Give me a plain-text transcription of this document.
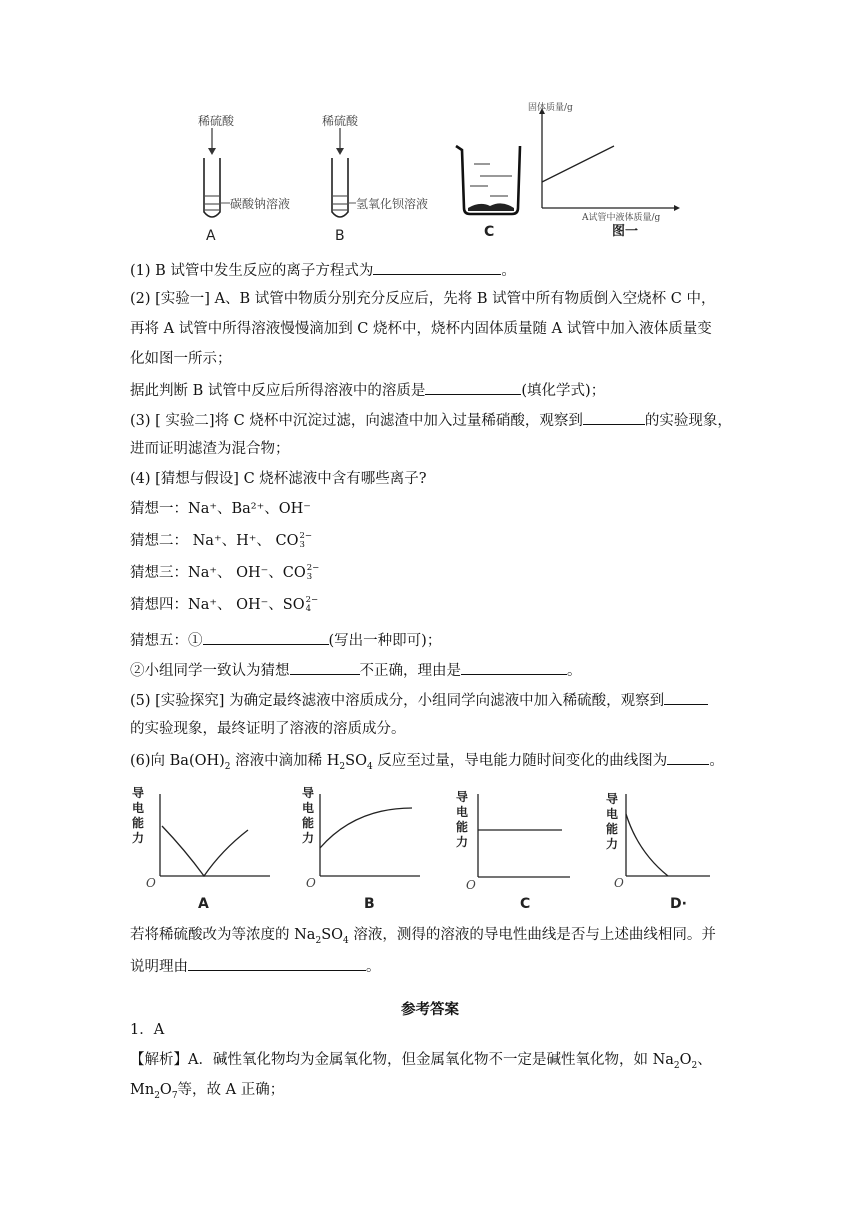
稀硫酸
碳酸钠溶液
A
稀硫酸
氢氧化钡溶液
B	C
固体质量/g
A试管中液体质量/g
图一
(1) B 试管中发生反应的离子方程式为	。
(2) [实验一] A、B 试管中物质分别充分反应后，先将 B 试管中所有物质倒入空烧杯 C 中，
再将 A 试管中所得溶液慢慢滴加到 C 烧杯中，烧杯内固体质量随 A 试管中加入液体质量变
化如图一所示；
据此判断 B 试管中反应后所得溶液中的溶质是	(填化学式)；
(3) [ 实验二]将 C 烧杯中沉淀过滤，向滤渣中加入过量稀硝酸，观察到	的实验现象，
进而证明滤渣为混合物；
(4) [猜想与假设] C 烧杯滤液中含有哪些离子?
猜想一：Na⁺、Ba²⁺、OH⁻
猜想二： Na⁺、H⁺、 CO 2−
3
猜想三：Na⁺、 OH⁻、CO 2−
3
猜想四：Na⁺、 OH⁻、SO 2−
4
猜想五：①	(写出一种即可)；
②小组同学一致认为猜想	不正确，理由是	。
(5) [实验探究] 为确定最终滤液中溶质成分，小组同学向滤液中加入稀硫酸，观察到
的实验现象，最终证明了溶液的溶质成分。
(6)向 $Ba(OH)_2$ 溶液中滴加稀 $H_2SO_4$ 反应至过量，导电能力随时间变化的曲线图为	。
导
电
能
力
导
电
能
力
导
电
能
力
导
电
能
力
O	O	O	O
A	B	C	D·
若将稀硫酸改为等浓度的 $Na_2SO_4$ 溶液，测得的溶液的导电性曲线是否与上述曲线相同。并
说明理由	。
参考答案
1．A
【解析】A．碱性氧化物均为金属氧化物，但金属氧化物不一定是碱性氧化物，如 $Na_2O_2$、
$Mn_2O_7$等，故 A 正确；
